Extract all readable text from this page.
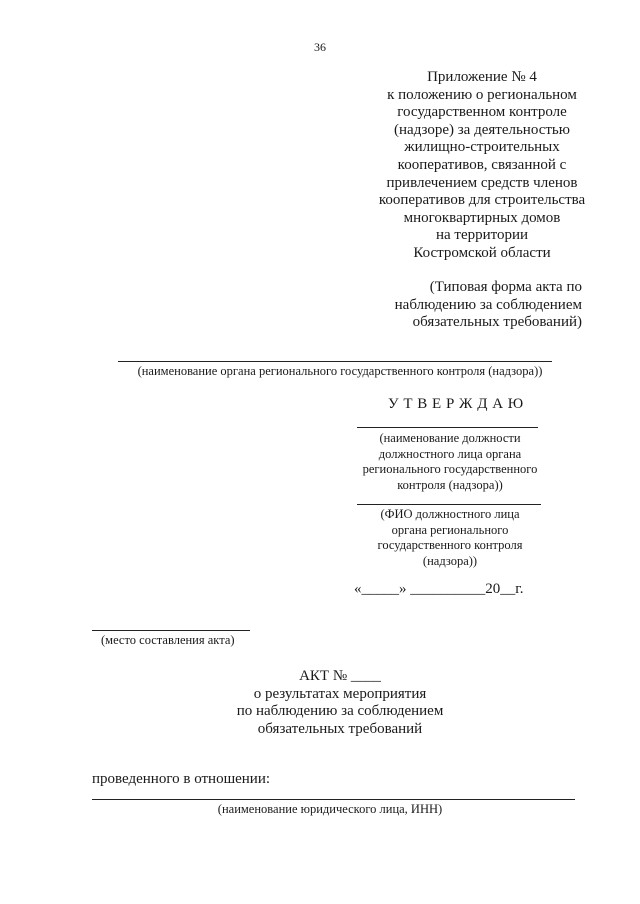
36
Приложение № 4
к положению о региональном
государственном контроле
(надзоре) за деятельностью
жилищно-строительных
кооперативов, связанной с
привлечением средств членов
кооперативов для строительства
многоквартирных домов
на территории
Костромской области
(Типовая форма акта по
наблюдению за соблюдением
обязательных требований)
(наименование органа регионального государственного контроля (надзора))
У Т В Е Р Ж Д А Ю
(наименование должности
должностного лица органа
регионального государственного
контроля (надзора))
(ФИО должностного лица
органа регионального
государственного контроля
(надзора))
«_____» __________20__г.
(место составления акта)
АКТ № ____
о результатах мероприятия
по наблюдению за соблюдением
обязательных требований
проведенного в отношении:
(наименование юридического лица, ИНН)
